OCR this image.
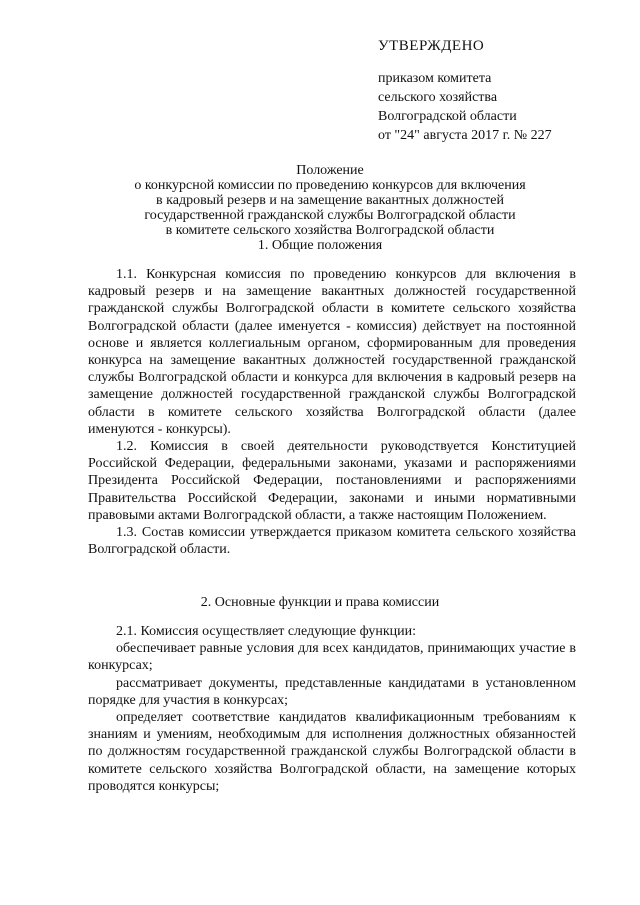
УТВЕРЖДЕНО
приказом комитета
сельского хозяйства
Волгоградской области
от "24" августа 2017 г. № 227
Положение
о конкурсной комиссии по проведению конкурсов для включения
в кадровый резерв и на замещение вакантных должностей
государственной гражданской службы Волгоградской области
в комитете сельского хозяйства Волгоградской области
1. Общие положения

1.1. Конкурсная комиссия по проведению конкурсов для включения в кадровый резерв и на замещение вакантных должностей государственной гражданской службы Волгоградской области в комитете сельского хозяйства Волгоградской области (далее именуется - комиссия) действует на постоянной основе и является коллегиальным органом, сформированным для проведения конкурса на замещение вакантных должностей государственной гражданской службы Волгоградской области и конкурса для включения в кадровый резерв на замещение должностей государственной гражданской службы Волгоградской области в комитете сельского хозяйства Волгоградской области (далее именуются - конкурсы).

1.2. Комиссия в своей деятельности руководствуется Конституцией Российской Федерации, федеральными законами, указами и распоряжениями Президента Российской Федерации, постановлениями и распоряжениями Правительства Российской Федерации, законами и иными нормативными правовыми актами Волгоградской области, а также настоящим Положением.

1.3. Состав комиссии утверждается приказом комитета сельского хозяйства Волгоградской области.

2. Основные функции и права комиссии

2.1. Комиссия осуществляет следующие функции:

обеспечивает равные условия для всех кандидатов, принимающих участие в конкурсах;

рассматривает документы, представленные кандидатами в установленном порядке для участия в конкурсах;

определяет соответствие кандидатов квалификационным требованиям к знаниям и умениям, необходимым для исполнения должностных обязанностей по должностям государственной гражданской службы Волгоградской области в комитете сельского хозяйства Волгоградской области, на замещение которых проводятся конкурсы;
